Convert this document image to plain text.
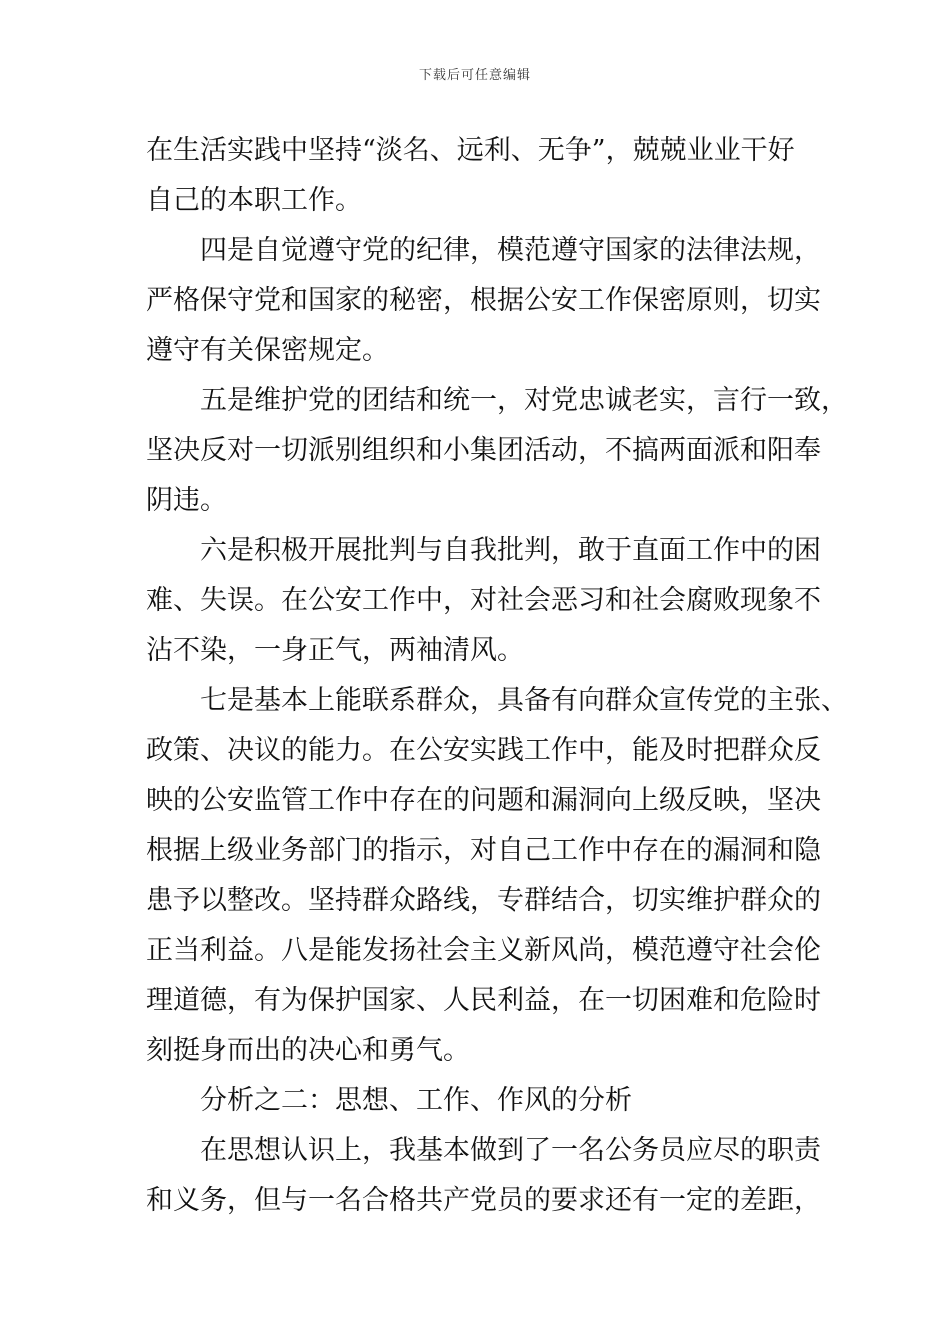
下载后可任意编辑
在生活实践中坚持“淡名、远利、无争”，兢兢业业干好
自己的本职工作。
四是自觉遵守党的纪律，模范遵守国家的法律法规，
严格保守党和国家的秘密，根据公安工作保密原则，切实
遵守有关保密规定。
五是维护党的团结和统一，对党忠诚老实，言行一致，
坚决反对一切派别组织和小集团活动，不搞两面派和阳奉
阴违。
六是积极开展批判与自我批判，敢于直面工作中的困
难、失误。在公安工作中，对社会恶习和社会腐败现象不
沾不染，一身正气，两袖清风。
七是基本上能联系群众，具备有向群众宣传党的主张、
政策、决议的能力。在公安实践工作中，能及时把群众反
映的公安监管工作中存在的问题和漏洞向上级反映，坚决
根据上级业务部门的指示，对自己工作中存在的漏洞和隐
患予以整改。坚持群众路线，专群结合，切实维护群众的
正当利益。八是能发扬社会主义新风尚，模范遵守社会伦
理道德，有为保护国家、人民利益，在一切困难和危险时
刻挺身而出的决心和勇气。
分析之二：思想、工作、作风的分析
在思想认识上，我基本做到了一名公务员应尽的职责
和义务，但与一名合格共产党员的要求还有一定的差距，
